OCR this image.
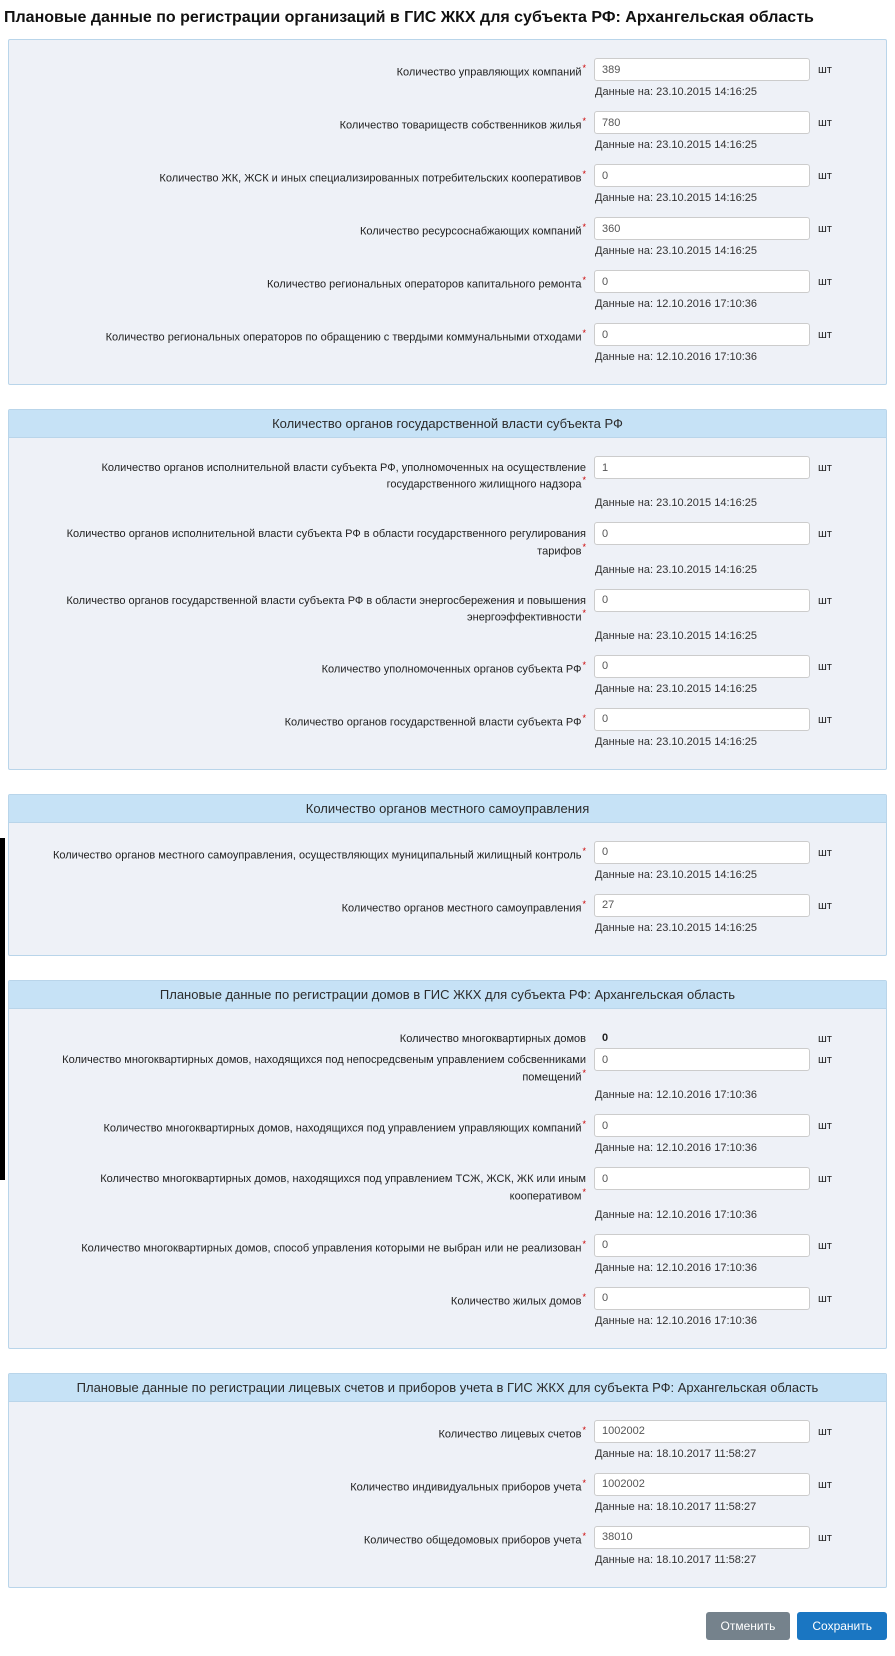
Плановые данные по регистрации организаций в ГИС ЖКХ для субъекта РФ: Архангельская область
Количество управляющих компаний*
389	шт
Данные на: 23.10.2015 14:16:25
Количество товариществ собственников жилья*
780	шт
Данные на: 23.10.2015 14:16:25
Количество ЖК, ЖСК и иных специализированных потребительских кооперативов*
0	шт
Данные на: 23.10.2015 14:16:25
Количество ресурсоснабжающих компаний*
360	шт
Данные на: 23.10.2015 14:16:25
Количество региональных операторов капитального ремонта*
0	шт
Данные на: 12.10.2016 17:10:36
Количество региональных операторов по обращению с твердыми коммунальными отходами*
0	шт
Данные на: 12.10.2016 17:10:36
Количество органов государственной власти субъекта РФ
Количество органов исполнительной власти субъекта РФ, уполномоченных на осуществление государственного жилищного надзора*
1
шт
Данные на: 23.10.2015 14:16:25
Количество органов исполнительной власти субъекта РФ в области государственного регулирования тарифов*
0
шт
Данные на: 23.10.2015 14:16:25
Количество органов государственной власти субъекта РФ в области энергосбережения и повышения энергоэффективности*
0
шт
Данные на: 23.10.2015 14:16:25
Количество уполномоченных органов субъекта РФ*
0	шт
Данные на: 23.10.2015 14:16:25
Количество органов государственной власти субъекта РФ*
0	шт
Данные на: 23.10.2015 14:16:25
Количество органов местного самоуправления
Количество органов местного самоуправления, осуществляющих муниципальный жилищный контроль*
0	шт
Данные на: 23.10.2015 14:16:25
Количество органов местного самоуправления*
27	шт
Данные на: 23.10.2015 14:16:25
Плановые данные по регистрации домов в ГИС ЖКХ для субъекта РФ: Архангельская область
Количество многоквартирных домов	0	шт
Количество многоквартирных домов, находящихся под непосредсвеным управлением собсвенниками помещений*
0
шт
Данные на: 12.10.2016 17:10:36
Количество многоквартирных домов, находящихся под управлением управляющих компаний*
0	шт
Данные на: 12.10.2016 17:10:36
Количество многоквартирных домов, находящихся под управлением ТСЖ, ЖСК, ЖК или иным кооперативом*
0
шт
Данные на: 12.10.2016 17:10:36
Количество многоквартирных домов, способ управления которыми не выбран или не реализован*
0	шт
Данные на: 12.10.2016 17:10:36
Количество жилых домов*
0	шт
Данные на: 12.10.2016 17:10:36
Плановые данные по регистрации лицевых счетов и приборов учета в ГИС ЖКХ для субъекта РФ: Архангельская область
Количество лицевых счетов*
1002002	шт
Данные на: 18.10.2017 11:58:27
Количество индивидуальных приборов учета*
1002002	шт
Данные на: 18.10.2017 11:58:27
Количество общедомовых приборов учета*
38010	шт
Данные на: 18.10.2017 11:58:27
Отменить	Сохранить
